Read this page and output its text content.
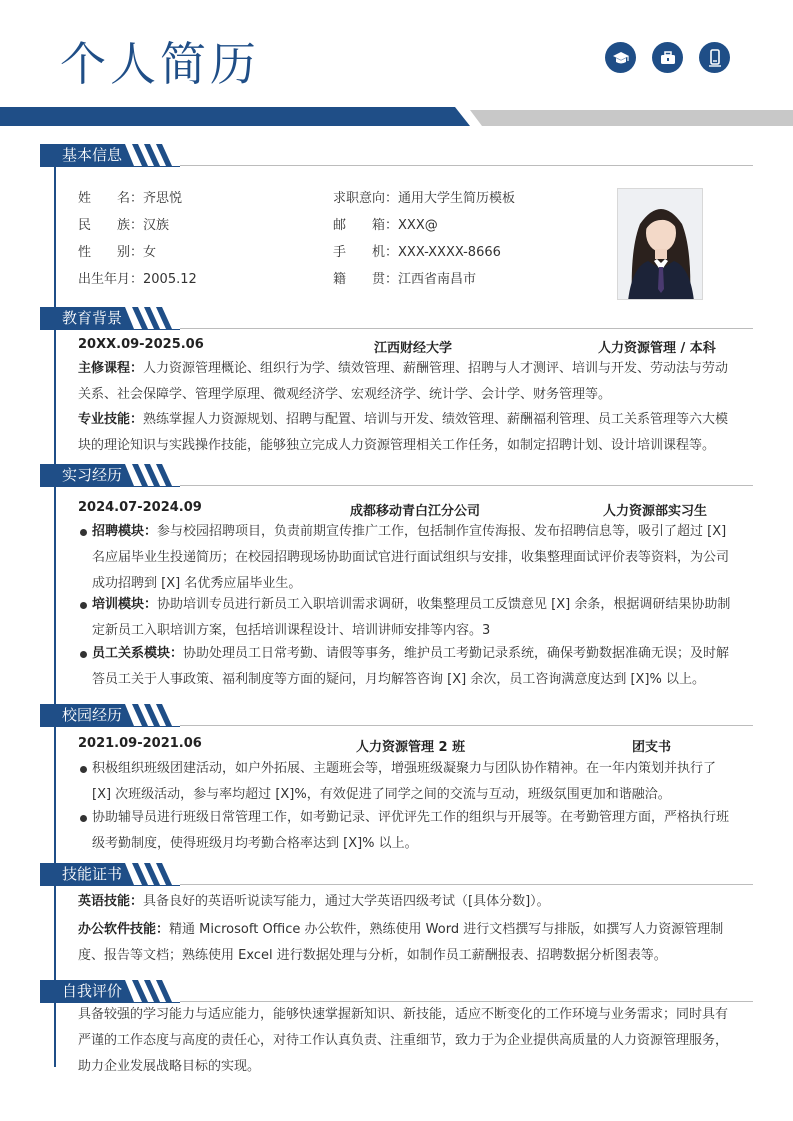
个人简历
基本信息
姓　　名：齐思悦
民　　族：汉族
性　　别：女
出生年月：2005.12
求职意向：通用大学生简历模板
邮　　箱：XXX@
手　　机：XXX-XXXX-8666
籍　　贯：江西省南昌市
教育背景
20XX.09-2025.06	江西财经大学	人力资源管理 / 本科
主修课程：人力资源管理概论、组织行为学、绩效管理、薪酬管理、招聘与人才测评、培训与开发、劳动法与劳动关系、社会保障学、管理学原理、微观经济学、宏观经济学、统计学、会计学、财务管理等。
专业技能：熟练掌握人力资源规划、招聘与配置、培训与开发、绩效管理、薪酬福利管理、员工关系管理等六大模块的理论知识与实践操作技能，能够独立完成人力资源管理相关工作任务，如制定招聘计划、设计培训课程等。
实习经历
2024.07-2024.09	成都移动青白江分公司	人力资源部实习生
招聘模块：参与校园招聘项目，负责前期宣传推广工作，包括制作宣传海报、发布招聘信息等，吸引了超过 [X] 名应届毕业生投递简历；在校园招聘现场协助面试官进行面试组织与安排，收集整理面试评价表等资料，为公司成功招聘到 [X] 名优秀应届毕业生。
培训模块：协助培训专员进行新员工入职培训需求调研，收集整理员工反馈意见 [X] 余条，根据调研结果协助制定新员工入职培训方案，包括培训课程设计、培训讲师安排等内容。3
员工关系模块：协助处理员工日常考勤、请假等事务，维护员工考勤记录系统，确保考勤数据准确无误；及时解答员工关于人事政策、福利制度等方面的疑问，月均解答咨询 [X] 余次，员工咨询满意度达到 [X]% 以上。
校园经历
2021.09-2021.06	人力资源管理 2 班	团支书
积极组织班级团建活动，如户外拓展、主题班会等，增强班级凝聚力与团队协作精神。在一年内策划并执行了 [X] 次班级活动，参与率均超过 [X]%，有效促进了同学之间的交流与互动，班级氛围更加和谐融洽。
协助辅导员进行班级日常管理工作，如考勤记录、评优评先工作的组织与开展等。在考勤管理方面，严格执行班级考勤制度，使得班级月均考勤合格率达到 [X]% 以上。
技能证书
英语技能：具备良好的英语听说读写能力，通过大学英语四级考试（[具体分数]）。
办公软件技能：精通 Microsoft Office 办公软件，熟练使用 Word 进行文档撰写与排版，如撰写人力资源管理制度、报告等文档；熟练使用 Excel 进行数据处理与分析，如制作员工薪酬报表、招聘数据分析图表等。
自我评价
具备较强的学习能力与适应能力，能够快速掌握新知识、新技能，适应不断变化的工作环境与业务需求；同时具有严谨的工作态度与高度的责任心，对待工作认真负责、注重细节，致力于为企业提供高质量的人力资源管理服务，助力企业发展战略目标的实现。
